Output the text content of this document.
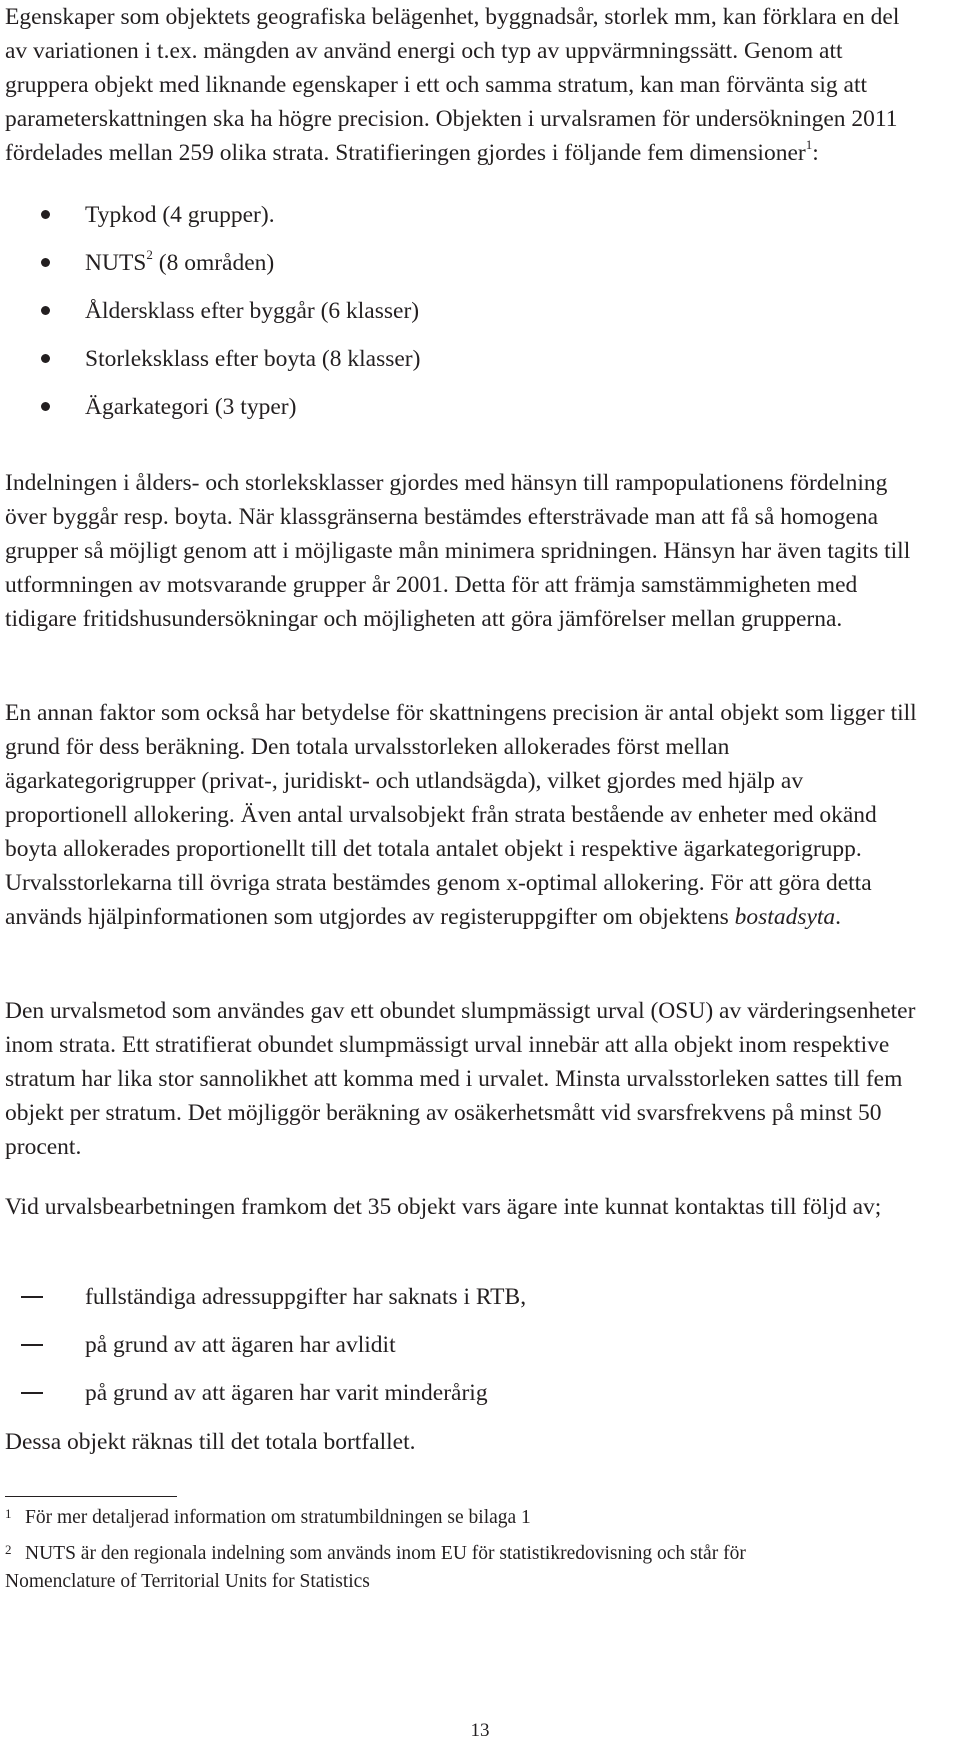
Egenskaper som objektets geografiska belägenhet, byggnadsår, storlek mm, kan förklara en del av variationen i t.ex. mängden av använd energi och typ av uppvärmningssätt. Genom att gruppera objekt med liknande egenskaper i ett och samma stratum, kan man förvänta sig att parameterskattningen ska ha högre precision. Objekten i urvalsramen för undersökningen 2011 fördelades mellan 259 olika strata. Stratifieringen gjordes i följande fem dimensioner$^1$:

Typkod (4 grupper).
NUTS$^2$ (8 områden)
Åldersklass efter byggår (6 klasser)
Storleksklass efter boyta (8 klasser)
Ägarkategori (3 typer)

Indelningen i ålders- och storleksklasser gjordes med hänsyn till rampopulationens fördelning över byggår resp. boyta. När klassgränserna bestämdes eftersträvade man att få så homogena grupper så möjligt genom att i möjligaste mån minimera spridningen. Hänsyn har även tagits till utformningen av motsvarande grupper år 2001. Detta för att främja samstämmigheten med tidigare fritidshusundersökningar och möjligheten att göra jämförelser mellan grupperna.

En annan faktor som också har betydelse för skattningens precision är antal objekt som ligger till grund för dess beräkning. Den totala urvalsstorleken allokerades först mellan ägarkategorigrupper (privat-, juridiskt- och utlandsägda), vilket gjordes med hjälp av proportionell allokering. Även antal urvalsobjekt från strata bestående av enheter med okänd boyta allokerades proportionellt till det totala antalet objekt i respektive ägarkategorigrupp. Urvalsstorlekarna till övriga strata bestämdes genom x-optimal allokering. För att göra detta används hjälpinformationen som utgjordes av registeruppgifter om objektens bostadsyta.

Den urvalsmetod som användes gav ett obundet slumpmässigt urval (OSU) av värderingsenheter inom strata. Ett stratifierat obundet slumpmässigt urval innebär att alla objekt inom respektive stratum har lika stor sannolikhet att komma med i urvalet. Minsta urvalsstorleken sattes till fem objekt per stratum. Det möjliggör beräkning av osäkerhetsmått vid svarsfrekvens på minst 50 procent.

Vid urvalsbearbetningen framkom det 35 objekt vars ägare inte kunnat kontaktas till följd av;

fullständiga adressuppgifter har saknats i RTB,
på grund av att ägaren har avlidit
på grund av att ägaren har varit minderårig

Dessa objekt räknas till det totala bortfallet.

1 För mer detaljerad information om stratumbildningen se bilaga 1
2 NUTS är den regionala indelning som används inom EU för statistikredovisning och står för
Nomenclature of Territorial Units for Statistics
13
